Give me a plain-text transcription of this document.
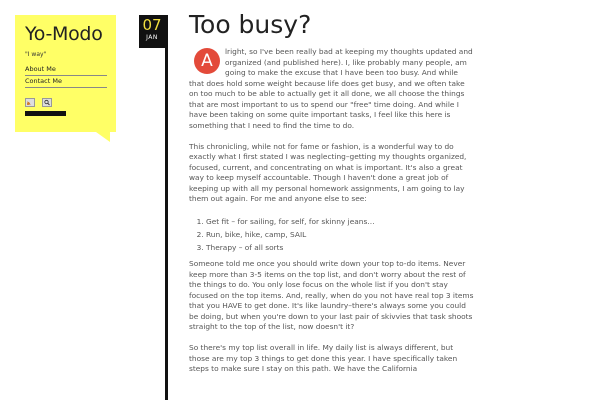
Yo-Modo
"I way"
About Me
Contact Me

07
JAN Too busy?

A	lright, so I've been really bad at keeping my thoughts updated and organized (and published here). I, like probably many people, am going to make the excuse that I have been too busy. And while that does hold some weight because life does get busy, and we often take on too much to be able to actually get it all done, we all choose the things that are most important to us to spend our "free" time doing. And while I have been taking on some quite important tasks, I feel like this here is something that I need to find the time to do.

This chronicling, while not for fame or fashion, is a wonderful way to do exactly what I first stated I was neglecting–getting my thoughts organized, focused, current, and concentrating on what is important. It's also a great way to keep myself accountable. Though I haven't done a great job of keeping up with all my personal homework assignments, I am going to lay them out again. For me and anyone else to see:

1. Get fit – for sailing, for self, for skinny jeans…
2. Run, bike, hike, camp, SAIL
3. Therapy – of all sorts

Someone told me once you should write down your top to-do items. Never keep more than 3-5 items on the top list, and don't worry about the rest of the things to do. You only lose focus on the whole list if you don't stay focused on the top items. And, really, when do you not have real top 3 items that you HAVE to get done. It's like laundry–there's always some you could be doing, but when you're down to your last pair of skivvies that task shoots straight to the top of the list, now doesn't it?

So there's my top list overall in life. My daily list is always different, but those are my top 3 things to get done this year. I have specifically taken steps to make sure I stay on this path. We have the California
